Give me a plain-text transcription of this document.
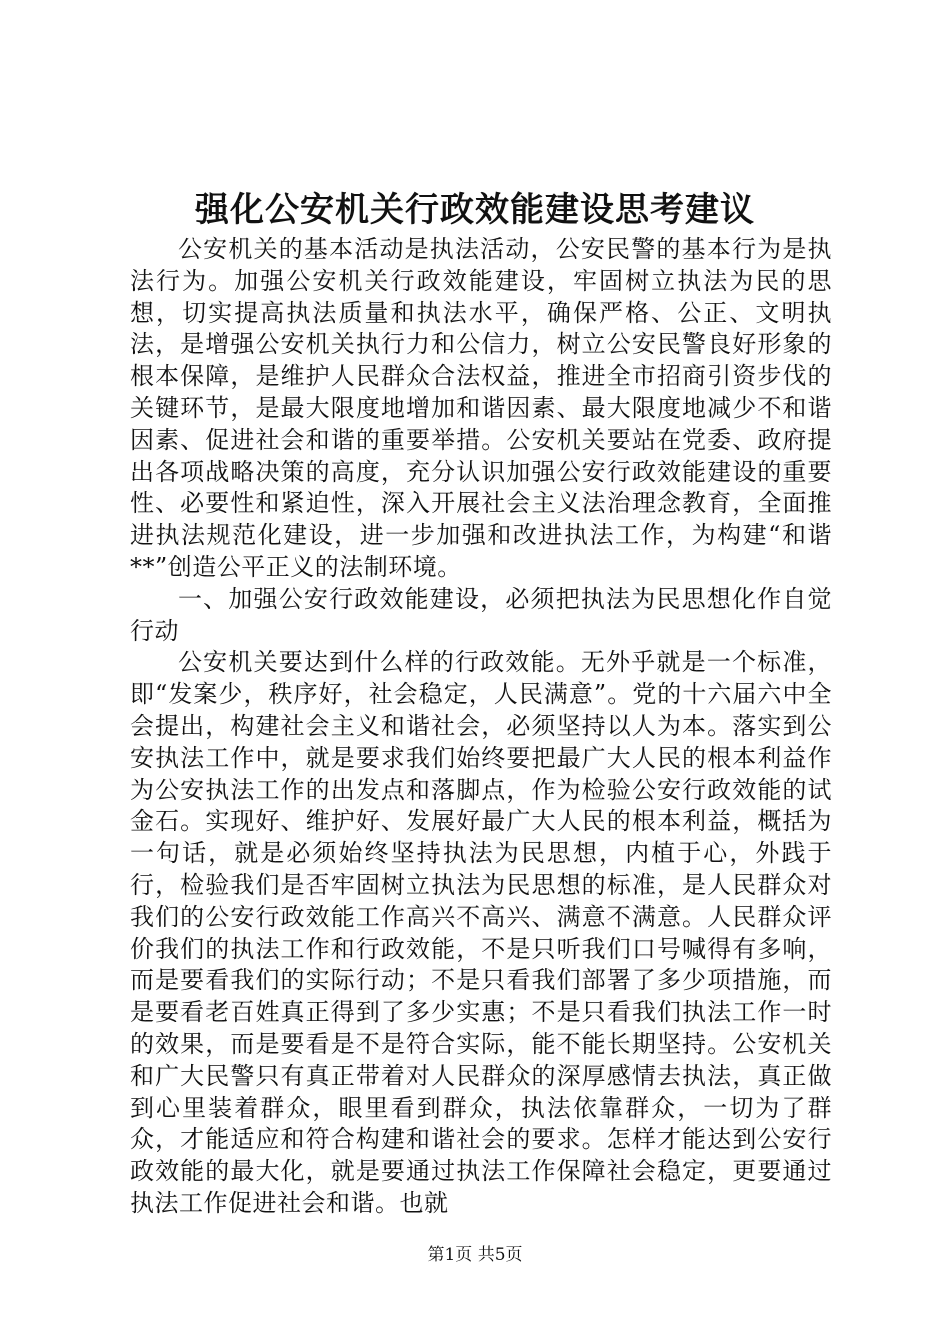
强化公安机关行政效能建设思考建议

公安机关的基本活动是执法活动，公安民警的基本行为是执法行为。加强公安机关行政效能建设，牢固树立执法为民的思想，切实提高执法质量和执法水平，确保严格、公正、文明执法，是增强公安机关执行力和公信力，树立公安民警良好形象的根本保障，是维护人民群众合法权益，推进全市招商引资步伐的关键环节，是最大限度地增加和谐因素、最大限度地减少不和谐因素、促进社会和谐的重要举措。公安机关要站在党委、政府提出各项战略决策的高度，充分认识加强公安行政效能建设的重要性、必要性和紧迫性，深入开展社会主义法治理念教育，全面推进执法规范化建设，进一步加强和改进执法工作，为构建“和谐**”创造公平正义的法制环境。

一、加强公安行政效能建设，必须把执法为民思想化作自觉行动

公安机关要达到什么样的行政效能。无外乎就是一个标准，即“发案少，秩序好，社会稳定，人民满意”。党的十六届六中全会提出，构建社会主义和谐社会，必须坚持以人为本。落实到公安执法工作中，就是要求我们始终要把最广大人民的根本利益作为公安执法工作的出发点和落脚点，作为检验公安行政效能的试金石。实现好、维护好、发展好最广大人民的根本利益，概括为一句话，就是必须始终坚持执法为民思想，内植于心，外践于行，检验我们是否牢固树立执法为民思想的标准，是人民群众对我们的公安行政效能工作高兴不高兴、满意不满意。人民群众评价我们的执法工作和行政效能，不是只听我们口号喊得有多响，而是要看我们的实际行动；不是只看我们部署了多少项措施，而是要看老百姓真正得到了多少实惠；不是只看我们执法工作一时的效果，而是要看是不是符合实际，能不能长期坚持。公安机关和广大民警只有真正带着对人民群众的深厚感情去执法，真正做到心里装着群众，眼里看到群众，执法依靠群众，一切为了群众，才能适应和符合构建和谐社会的要求。怎样才能达到公安行政效能的最大化，就是要通过执法工作保障社会稳定，更要通过执法工作促进社会和谐。也就

第1页 共5页
